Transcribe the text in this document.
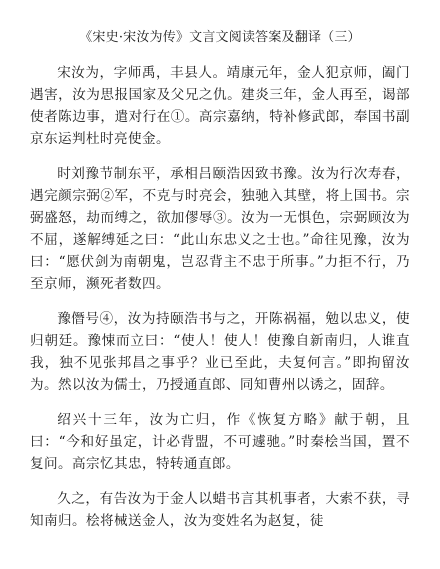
《宋史·宋汝为传》文言文阅读答案及翻译（三）

宋汝为，字师禹，丰县人。靖康元年，金人犯京师，阖门遇害，汝为思报国家及父兄之仇。建炎三年，金人再至，谒部使者陈边事，遣对行在①。高宗嘉纳，特补修武郎，奉国书副京东运判杜时亮使金。

时刘豫节制东平，承相吕颐浩因致书豫。汝为行次寿春，遇完颜宗弼②军，不克与时亮会，独驰入其壁，将上国书。宗弼盛怒，劫而缚之，欲加僇辱③。汝为一无惧色，宗弼顾汝为不屈，遂解缚延之曰：“此山东忠义之士也。”命往见豫，汝为曰：“愿伏剑为南朝鬼，岂忍背主不忠于所事。”力拒不行，乃至京师，濒死者数四。

豫僭号④，汝为持颐浩书与之，开陈祸福，勉以忠义，使归朝廷。豫悚而立曰：“使人！使人！使豫自新南归，人谁直我，独不见张邦昌之事乎？业已至此，夫复何言。”即拘留汝为。然以汝为儒士，乃授通直郎、同知曹州以诱之，固辞。

绍兴十三年，汝为亡归，作《恢复方略》献于朝，且曰：“今和好虽定，计必背盟，不可遽驰。”时秦桧当国，置不复问。高宗忆其忠，特转通直郎。

久之，有告汝为于金人以蜡书言其机事者，大索不获，寻知南归。桧将械送金人，汝为变姓名为赵复，徒
